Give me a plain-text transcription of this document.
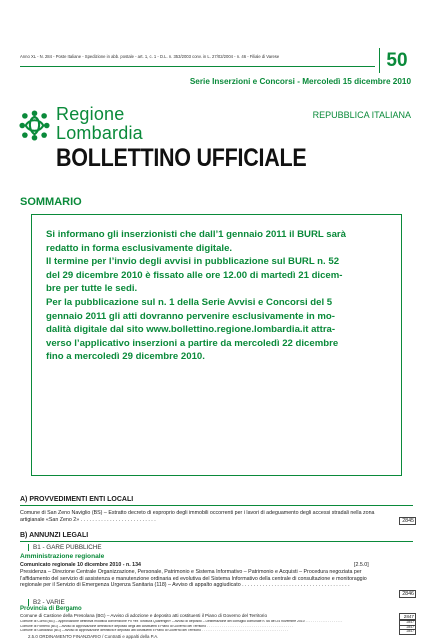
Anno XL - N. 284 - Poste Italiane - Spedizione in abb. postale - art. 1, c. 1 - D.L. n. 353/2003 conv. in L. 27/02/2004 - n. 46 - Filiale di Varese	50
Serie Inserzioni e Concorsi - Mercoledì 15 dicembre 2010
Regione
Lombardia
REPUBBLICA ITALIANA
BOLLETTINO UFFICIALE
SOMMARIO
Si informano gli inserzionisti che dall’1 gennaio 2011 il BURL sarà
redatto in forma esclusivamente digitale.
Il termine per l’invio degli avvisi in pubblicazione sul BURL n. 52
del 29 dicembre 2010 è fissato alle ore 12.00 di martedì 21 dicem-
bre per tutte le sedi.
Per la pubblicazione sul n. 1 della Serie Avvisi e Concorsi del 5
gennaio 2011 gli atti dovranno pervenire esclusivamente in mo-
dalità digitale dal sito www.bollettino.regione.lombardia.it attra-
verso l’applicativo inserzioni a partire da mercoledì 22 dicembre
fino a mercoledì 29 dicembre 2010.
A) PROVVEDIMENTI ENTI LOCALI
Comune di San Zeno Naviglio (BS) – Estratto decreto di esproprio degli immobili occorrenti per i lavori di adeguamento degli accessi stradali nella zona artigianale «San Zeno 2» . . . . . . . . . . . . . . . . . . . . . . . . . .	2845
B) ANNUNZI LEGALI
B1 - GARE PUBBLICHE
Amministrazione regionale
Comunicato regionale 10 dicembre 2010 - n. 134	[2.5.0]
Presidenza – Direzione Centrale Organizzazione, Personale, Patrimonio e Sistema Informativo – Patrimonio e Acquisti – Procedura negoziata per l’affidamento del servizio di assistenza e manutenzione ordinaria ed evolutiva del Sistema Informativo della centrale di consultazione e monitoraggio regionale per il Servizio di Emergenza Urgenza Sanitaria (118) – Avviso di appalto aggiudicato . . . . . . . . . . . . . . . . . . . . . . . . . . . . . . . . . . . . .
2846
B2 - VARIE
Provincia di Bergamo
Comune di Castione della Presolana (BG) – Avviso di adozione e deposito atti costituenti il Piano di Governo del Territorio	2847
Comune di Curno (BG) – Approvazione definitiva modifica convenzione PII «ex Torcitura Quarenghi» – Avviso di deposito – Deliberazione del consiglio comunale n. 66 del 24 novembre 2010 . . . . . . . . . . . . . . . . . . . .	2847
Comune di Fonteno (BG) – Avviso di approvazione definitiva e deposito degli atti costituenti il Piano di Governo del Territorio . . . . . . . . . . . . . . . . . . . . . . . . . . . . . . . . . . . . . . . . . . . . . .	2847
Comune di Gandosso (BG) – Avviso di approvazione definitiva e deposito atti costituenti il Piano di Governo del Territorio . . . . . . . . . . . . . . . . . . . . . . . . . . . . . . . . . . . . . . . . . . . . . .	2847
2.5.0 ORDINAMENTO FINANZIARIO / Contratti e appalti della P.A.
